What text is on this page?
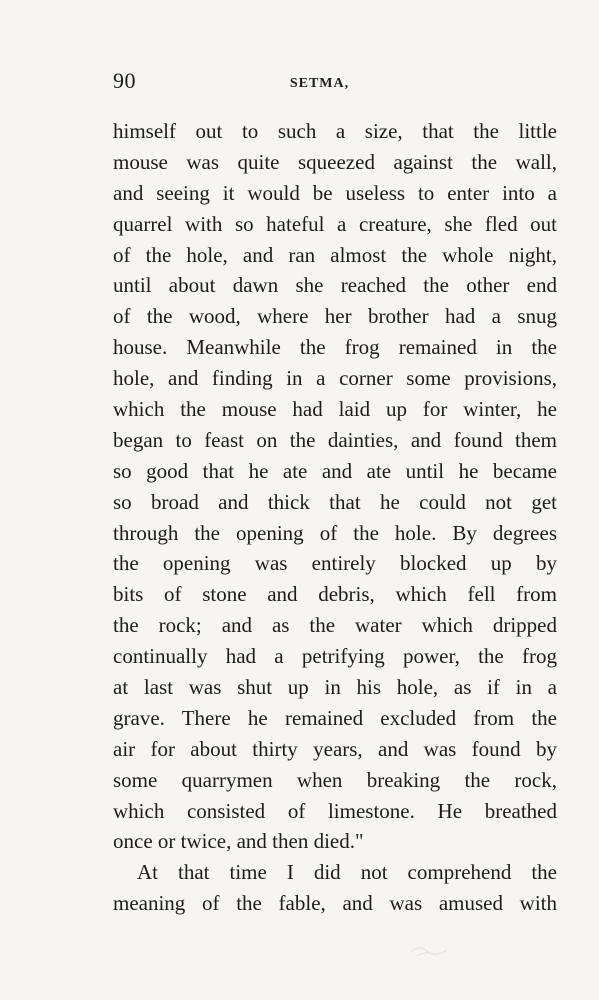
90	SETMA,
himself out to such a size, that the little
mouse was quite squeezed against the wall,
and seeing it would be useless to enter into a
quarrel with so hateful a creature, she fled out
of the hole, and ran almost the whole night,
until about dawn she reached the other end
of the wood, where her brother had a snug
house. Meanwhile the frog remained in the
hole, and finding in a corner some provisions,
which the mouse had laid up for winter, he
began to feast on the dainties, and found them
so good that he ate and ate until he became
so broad and thick that he could not get
through the opening of the hole. By degrees
the opening was entirely blocked up by
bits of stone and debris, which fell from
the rock; and as the water which dripped
continually had a petrifying power, the frog
at last was shut up in his hole, as if in a
grave. There he remained excluded from the
air for about thirty years, and was found by
some quarrymen when breaking the rock,
which consisted of limestone. He breathed
once or twice, and then died."
At that time I did not comprehend the
meaning of the fable, and was amused with
